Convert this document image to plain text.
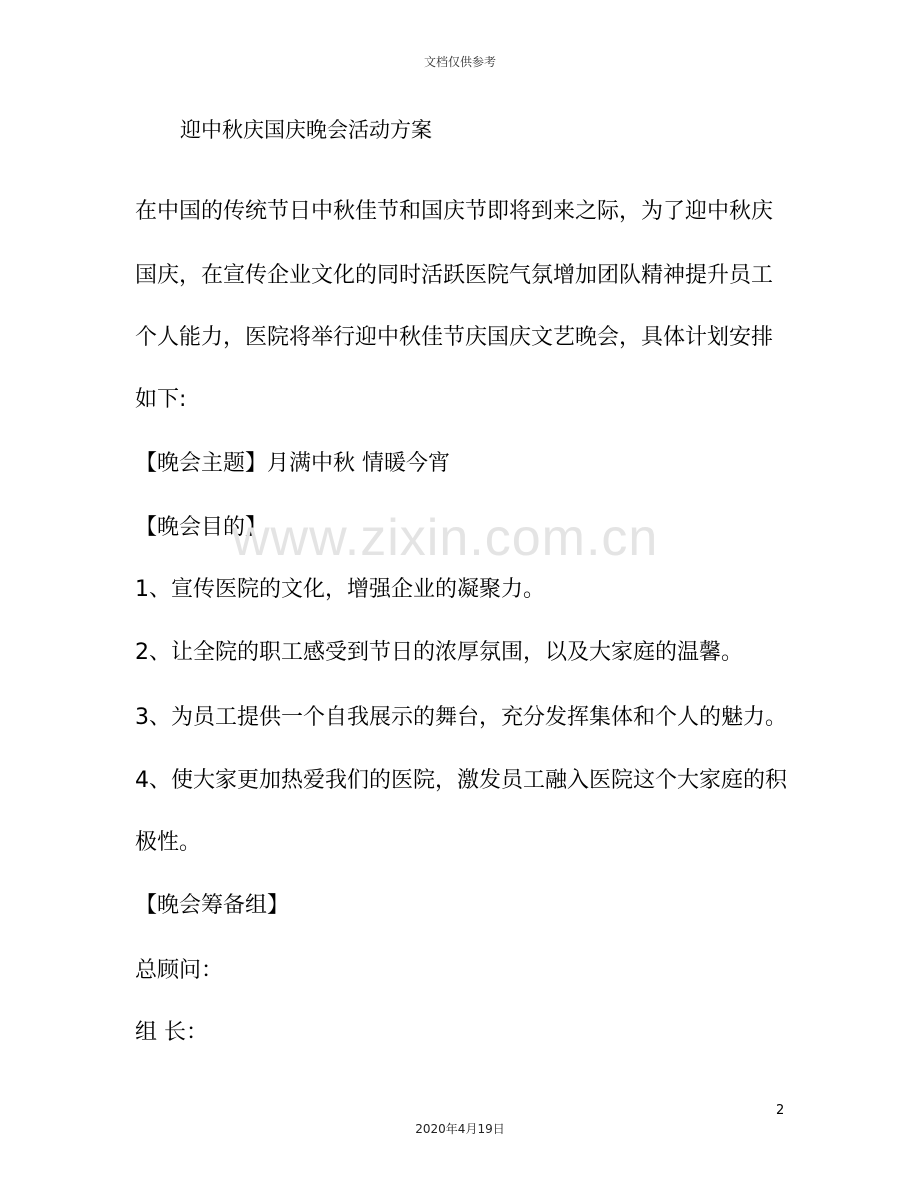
文档仅供参考
迎中秋庆国庆晚会活动方案
在中国的传统节日中秋佳节和国庆节即将到来之际，为了迎中秋庆
国庆，在宣传企业文化的同时活跃医院气氛增加团队精神提升员工
个人能力，医院将举行迎中秋佳节庆国庆文艺晚会，具体计划安排
如下:
【晚会主题】月满中秋 情暖今宵
【晚会目的】
1、宣传医院的文化，增强企业的凝聚力。
2、让全院的职工感受到节日的浓厚氛围，以及大家庭的温馨。
3、为员工提供一个自我展示的舞台，充分发挥集体和个人的魅力。
4、使大家更加热爱我们的医院，激发员工融入医院这个大家庭的积
极性。
【晚会筹备组】
总顾问：
组 长：
www.zixin.com.cn
2
2020年4月19日
